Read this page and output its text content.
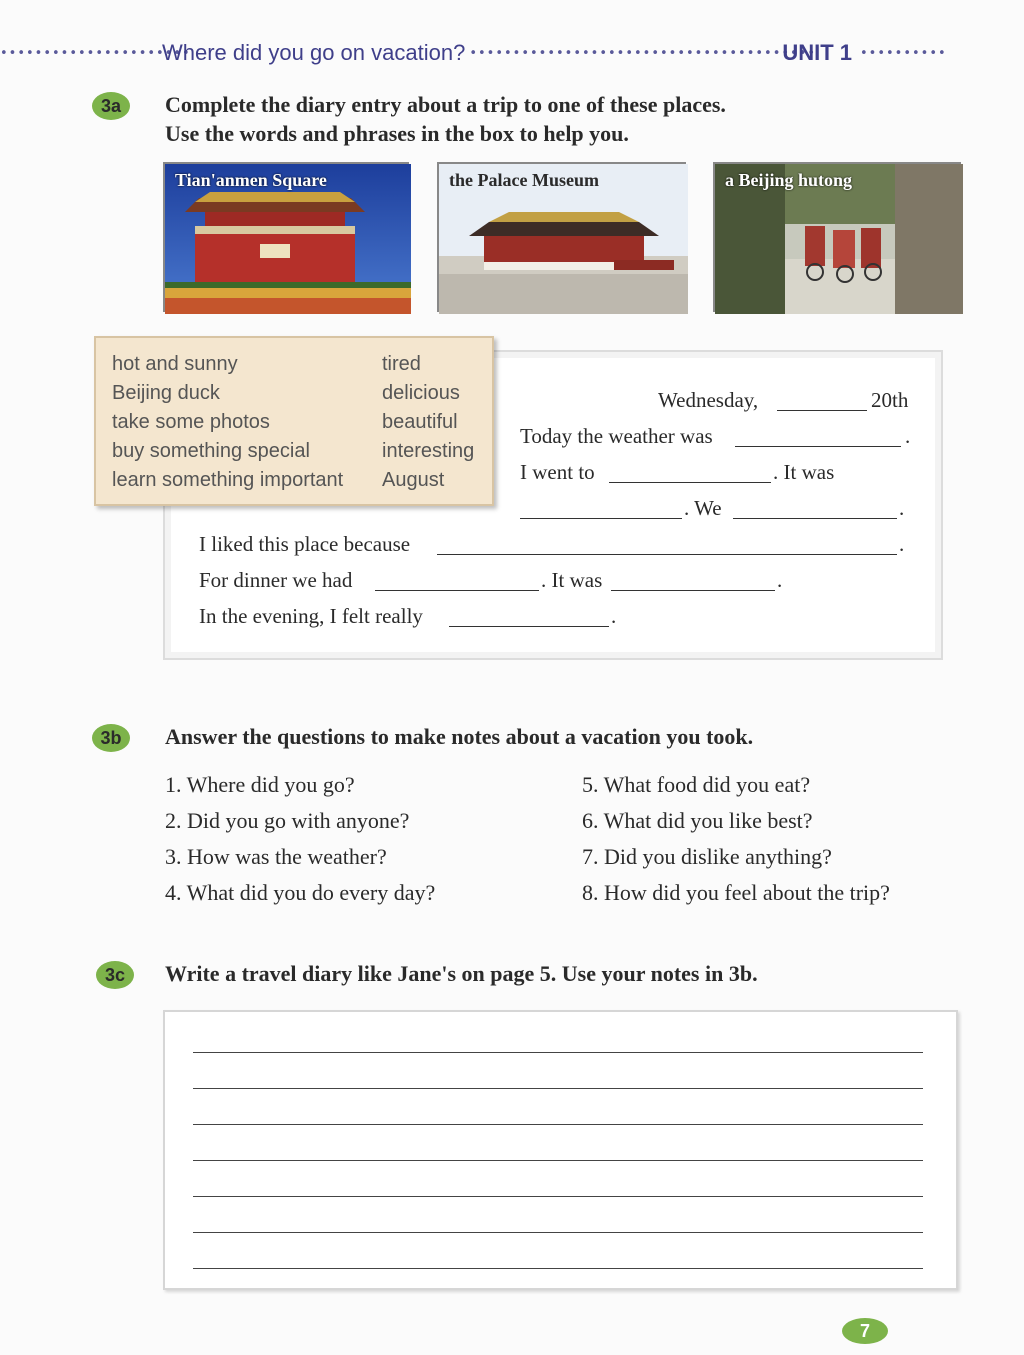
••••••••••••••••••••••
Where did you go on vacation? ••••••••••••••••••••••••••••••••••••••••
UNIT 1 ••••••••••
3a	Complete the diary entry about a trip to one of these places.
Use the words and phrases in the box to help you.
Tian'anmen Square	the Palace Museum	a Beijing hutong
Wednesday,	20th
Today the weather was	.
I went to	. It was
. We	.
I liked this place because	.
For dinner we had	. It was	.
In the evening, I felt really	.
hot and sunny
Beijing duck
take some photos
buy something special
learn something important
tired
delicious
beautiful
interesting
August
3b	Answer the questions to make notes about a vacation you took.
1. Where did you go?
2. Did you go with anyone?
3. How was the weather?
4. What did you do every day?
5. What food did you eat?
6. What did you like best?
7. Did you dislike anything?
8. How did you feel about the trip?
3c	Write a travel diary like Jane's on page 5. Use your notes in 3b.
7
